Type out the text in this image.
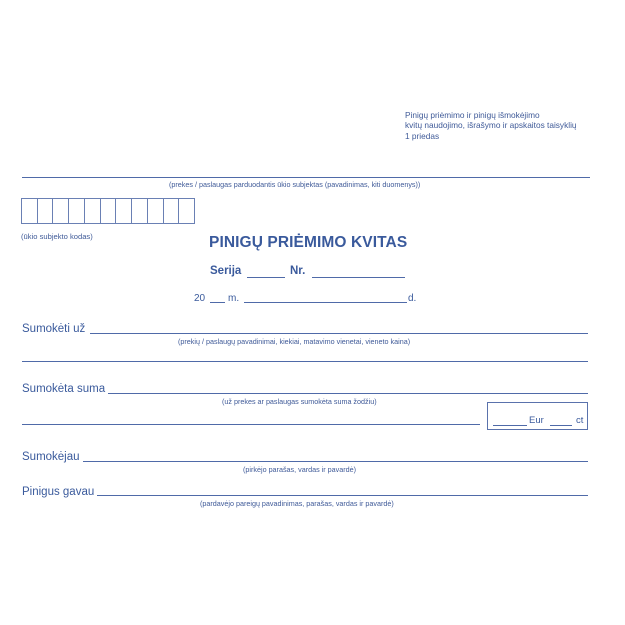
Pinigų priėmimo ir pinigų išmokėjimo
kvitų naudojimo, išrašymo ir apskaitos taisyklių
1 priedas
(prekes / paslaugas parduodantis ūkio subjektas (pavadinimas, kiti duomenys))
(ūkio subjekto kodas)	PINIGŲ PRIĖMIMO KVITAS
Serija	Nr.
20 m.	d.
Sumokėti už
(prekių / paslaugų pavadinimai, kiekiai, matavimo vienetai, vieneto kaina)
Sumokėta suma
(už prekes ar paslaugas sumokėta suma žodžiu)
Eur	ct
Sumokėjau
(pirkėjo parašas, vardas ir pavardė)
Pinigus gavau
(pardavėjo pareigų pavadinimas, parašas, vardas ir pavardė)
